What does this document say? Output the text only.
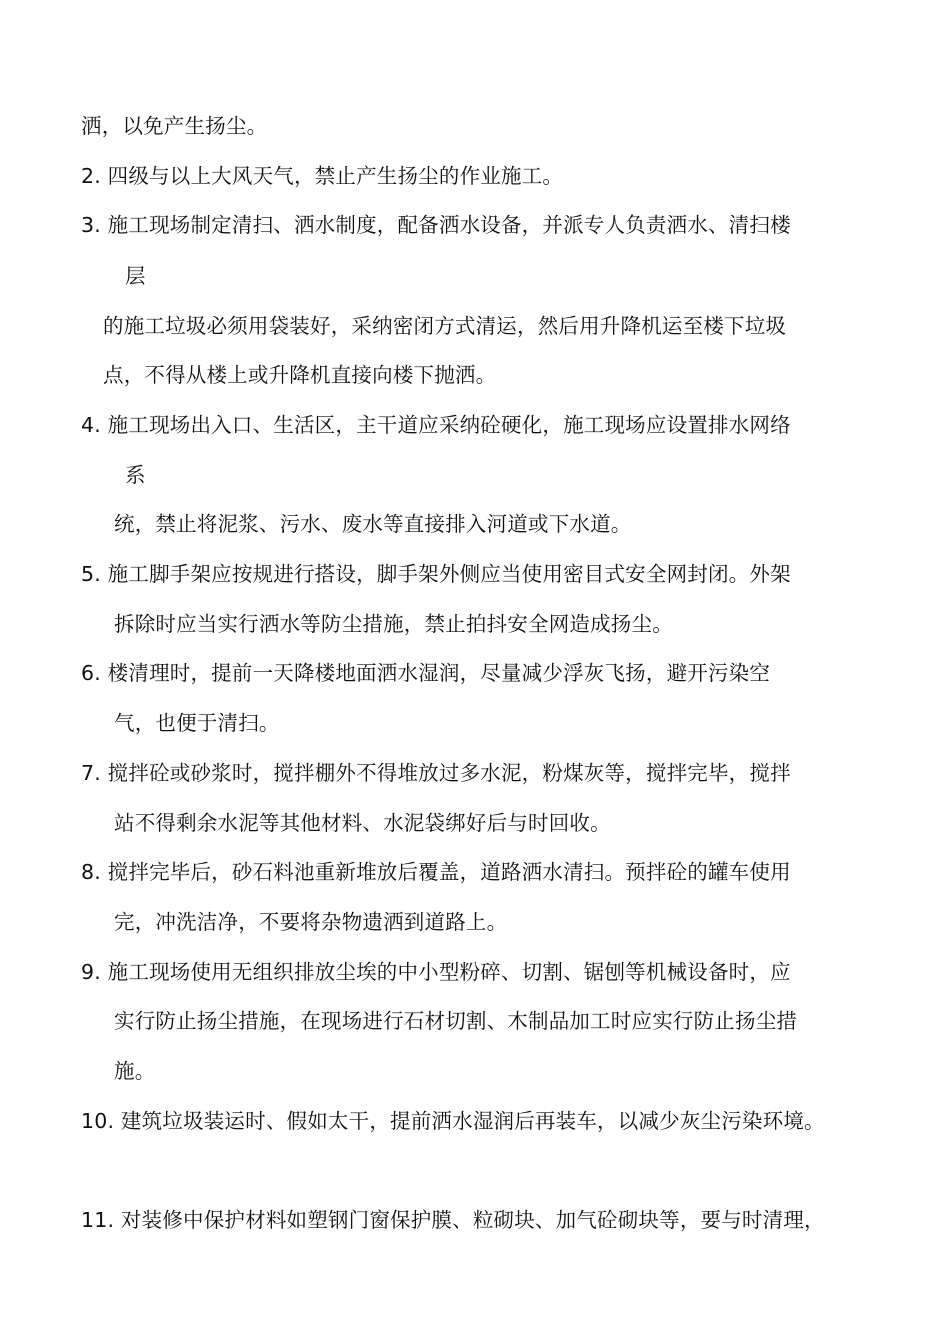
洒，以免产生扬尘。
2. 四级与以上大风天气，禁止产生扬尘的作业施工。
3. 施工现场制定清扫、洒水制度，配备洒水设备，并派专人负责洒水、清扫楼
层
的施工垃圾必须用袋装好，采纳密闭方式清运，然后用升降机运至楼下垃圾
点，不得从楼上或升降机直接向楼下抛洒。
4. 施工现场出入口、生活区，主干道应采纳砼硬化，施工现场应设置排水网络
系
统，禁止将泥浆、污水、废水等直接排入河道或下水道。
5. 施工脚手架应按规进行搭设，脚手架外侧应当使用密目式安全网封闭。外架
拆除时应当实行洒水等防尘措施，禁止拍抖安全网造成扬尘。
6. 楼清理时，提前一天降楼地面洒水湿润，尽量减少浮灰飞扬，避开污染空
气，也便于清扫。
7. 搅拌砼或砂浆时，搅拌棚外不得堆放过多水泥，粉煤灰等，搅拌完毕，搅拌
站不得剩余水泥等其他材料、水泥袋绑好后与时回收。
8. 搅拌完毕后，砂石料池重新堆放后覆盖，道路洒水清扫。预拌砼的罐车使用
完，冲洗洁净，不要将杂物遗洒到道路上。
9. 施工现场使用无组织排放尘埃的中小型粉碎、切割、锯刨等机械设备时，应
实行防止扬尘措施，在现场进行石材切割、木制品加工时应实行防止扬尘措
施。
10. 建筑垃圾装运时、假如太干，提前洒水湿润后再装车，以减少灰尘污染环境。
11. 对装修中保护材料如塑钢门窗保护膜、粒砌块、加气砼砌块等，要与时清理，
